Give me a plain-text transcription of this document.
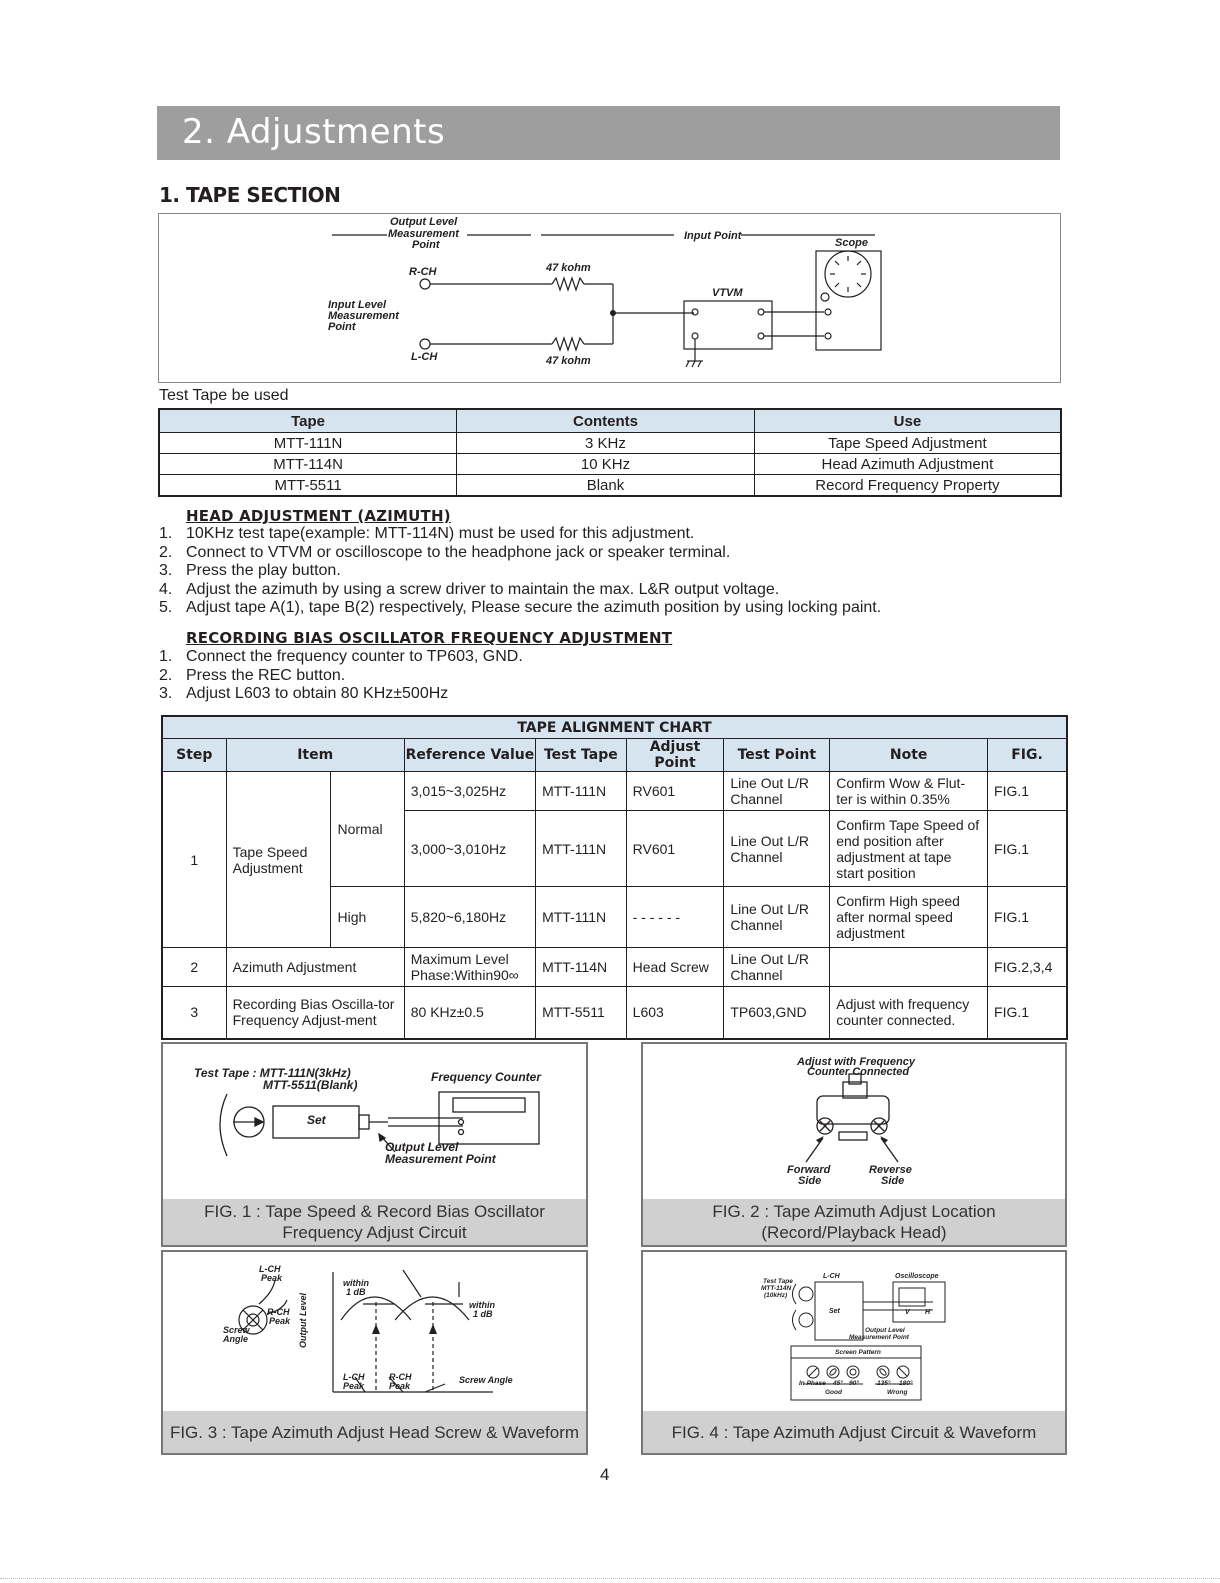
2. Adjustments
1. TAPE SECTION
Output Level
Measurement
Point
Input Point
Scope
R-CH
L-CH
47 kohm
47 kohm
Input Level
Measurement
Point
VTVM
Test Tape be used
Tape	Contents	Use
MTT-111N	3 KHz	Tape Speed Adjustment
MTT-114N	10 KHz	Head Azimuth Adjustment
MTT-5511	Blank	Record Frequency Property
HEAD ADJUSTMENT (AZIMUTH)
1. 10KHz test tape(example: MTT-114N) must be used for this adjustment.
2. Connect to VTVM or oscilloscope to the headphone jack or speaker terminal.
3. Press the play button.
4. Adjust the azimuth by using a screw driver to maintain the max. L&R output voltage.
5. Adjust tape A(1), tape B(2) respectively, Please secure the azimuth position by using locking paint.
RECORDING BIAS OSCILLATOR FREQUENCY ADJUSTMENT
1. Connect the frequency counter to TP603, GND.
2. Press the REC button.
3. Adjust L603 to obtain 80 KHz±500Hz
TAPE ALIGNMENT CHART								
Step	Item		Reference Value	Test Tape	Adjust Point	Test Point	Note	FIG.
1	Tape Speed Adjustment	Normal	3,015~3,025Hz	MTT-111N	RV601	Line Out L/R Channel	Confirm Wow & Flut-ter is within 0.35%	FIG.1
			3,000~3,010Hz	MTT-111N	RV601	Line Out L/R Channel	Confirm Tape Speed of end position after adjustment at tape start position	FIG.1
		High	5,820~6,180Hz	MTT-111N	- - - - - -	Line Out L/R Channel	Confirm High speed after normal speed adjustment	FIG.1
2	Azimuth Adjustment		Maximum Level Phase:Within90∞	MTT-114N	Head Screw	Line Out L/R Channel		FIG.2,3,4
3	Recording Bias Oscilla-tor Frequency Adjust-ment		80 KHz±0.5	MTT-5511	L603	TP603,GND	Adjust with frequency counter connected.	FIG.1
Test Tape : MTT-111N(3kHz)
MTT-5511(Blank)
Frequency Counter
Set
Output Level
Measurement Point
FIG. 1 : Tape Speed & Record Bias Oscillator
Frequency Adjust Circuit
Adjust with Frequency
Counter Connected
Forward
Side
Reverse
Side
FIG. 2 : Tape Azimuth Adjust Location
(Record/Playback Head)
L-CH
Peak
R-CH
Peak
Screw
Angle
within
1 dB
within
1 dB
Output Level
L-CH
Peak
R-CH
Peak
Screw Angle
FIG. 3 : Tape Azimuth Adjust Head Screw & Waveform
Test Tape
MTT-114N
(10kHz)
L-CH	Oscilloscope
Set	V H
Output Level
Measurement Point
Screen Pattern
In Phase 45° 90°	135° 180°
Good	Wrong
FIG. 4 : Tape Azimuth Adjust Circuit & Waveform
4
